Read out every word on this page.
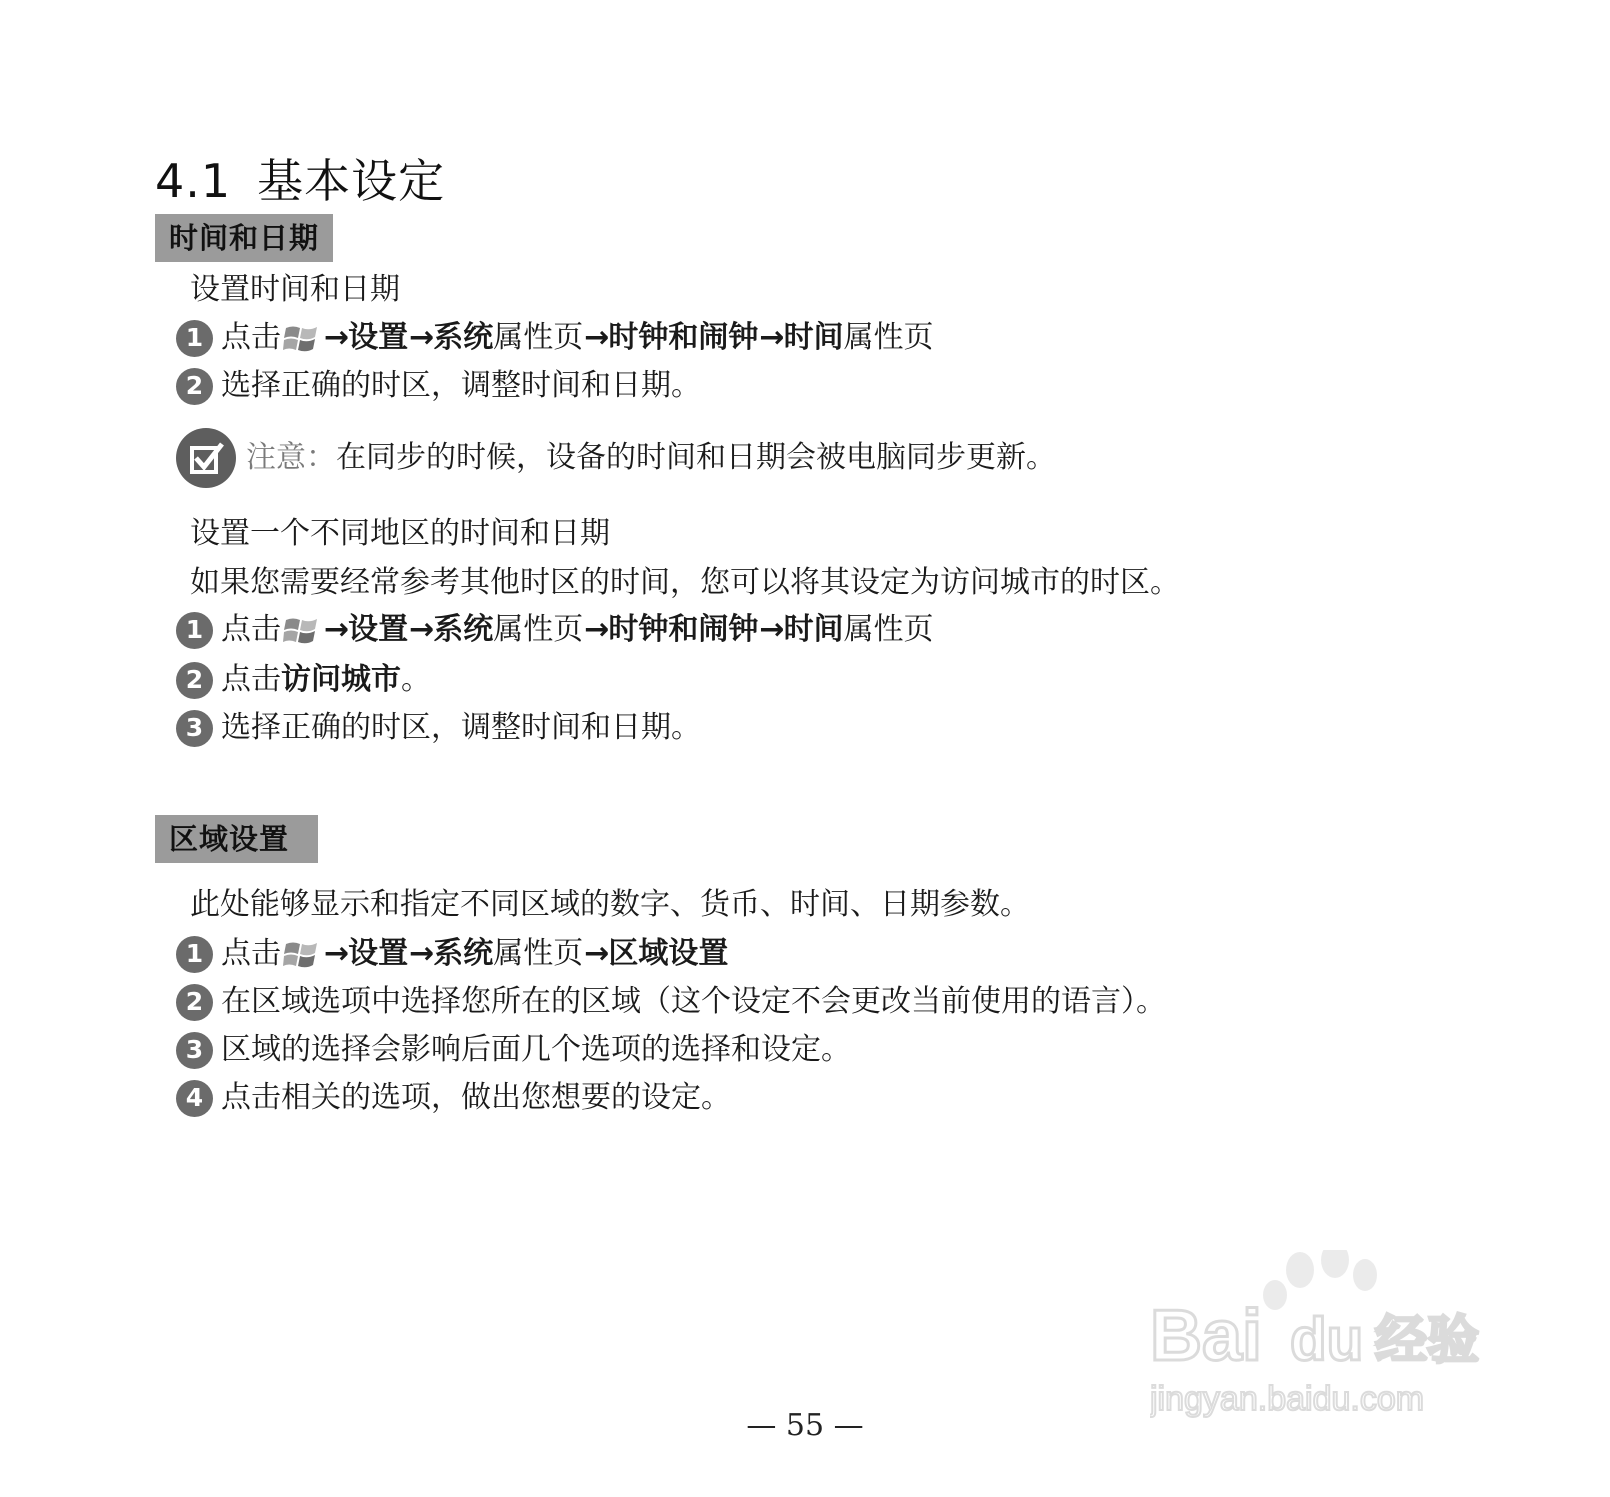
4.1 基本设定
时间和日期
设置时间和日期
1 点击 → 设置 → 系统 属性页 → 时钟和闹钟 → 时间 属性页
2 选择正确的时区，调整时间和日期。
注意： 在同步的时候，设备的时间和日期会被电脑同步更新。
设置一个不同地区的时间和日期
如果您需要经常参考其他时区的时间，您可以将其设定为访问城市的时区。
1 点击 → 设置 → 系统 属性页 → 时钟和闹钟 → 时间 属性页
2 点击 访问城市 。
3 选择正确的时区，调整时间和日期。
区域设置
此处能够显示和指定不同区域的数字、货币、时间、日期参数。
1 点击 → 设置 → 系统 属性页 → 区域设置
2 在区域选项中选择您所在的区域（这个设定不会更改当前使用的语言）。
3 区域的选择会影响后面几个选项的选择和设定。
4 点击相关的选项，做出您想要的设定。
Bai du 经验
jingyan.baidu.com
— 55 —
